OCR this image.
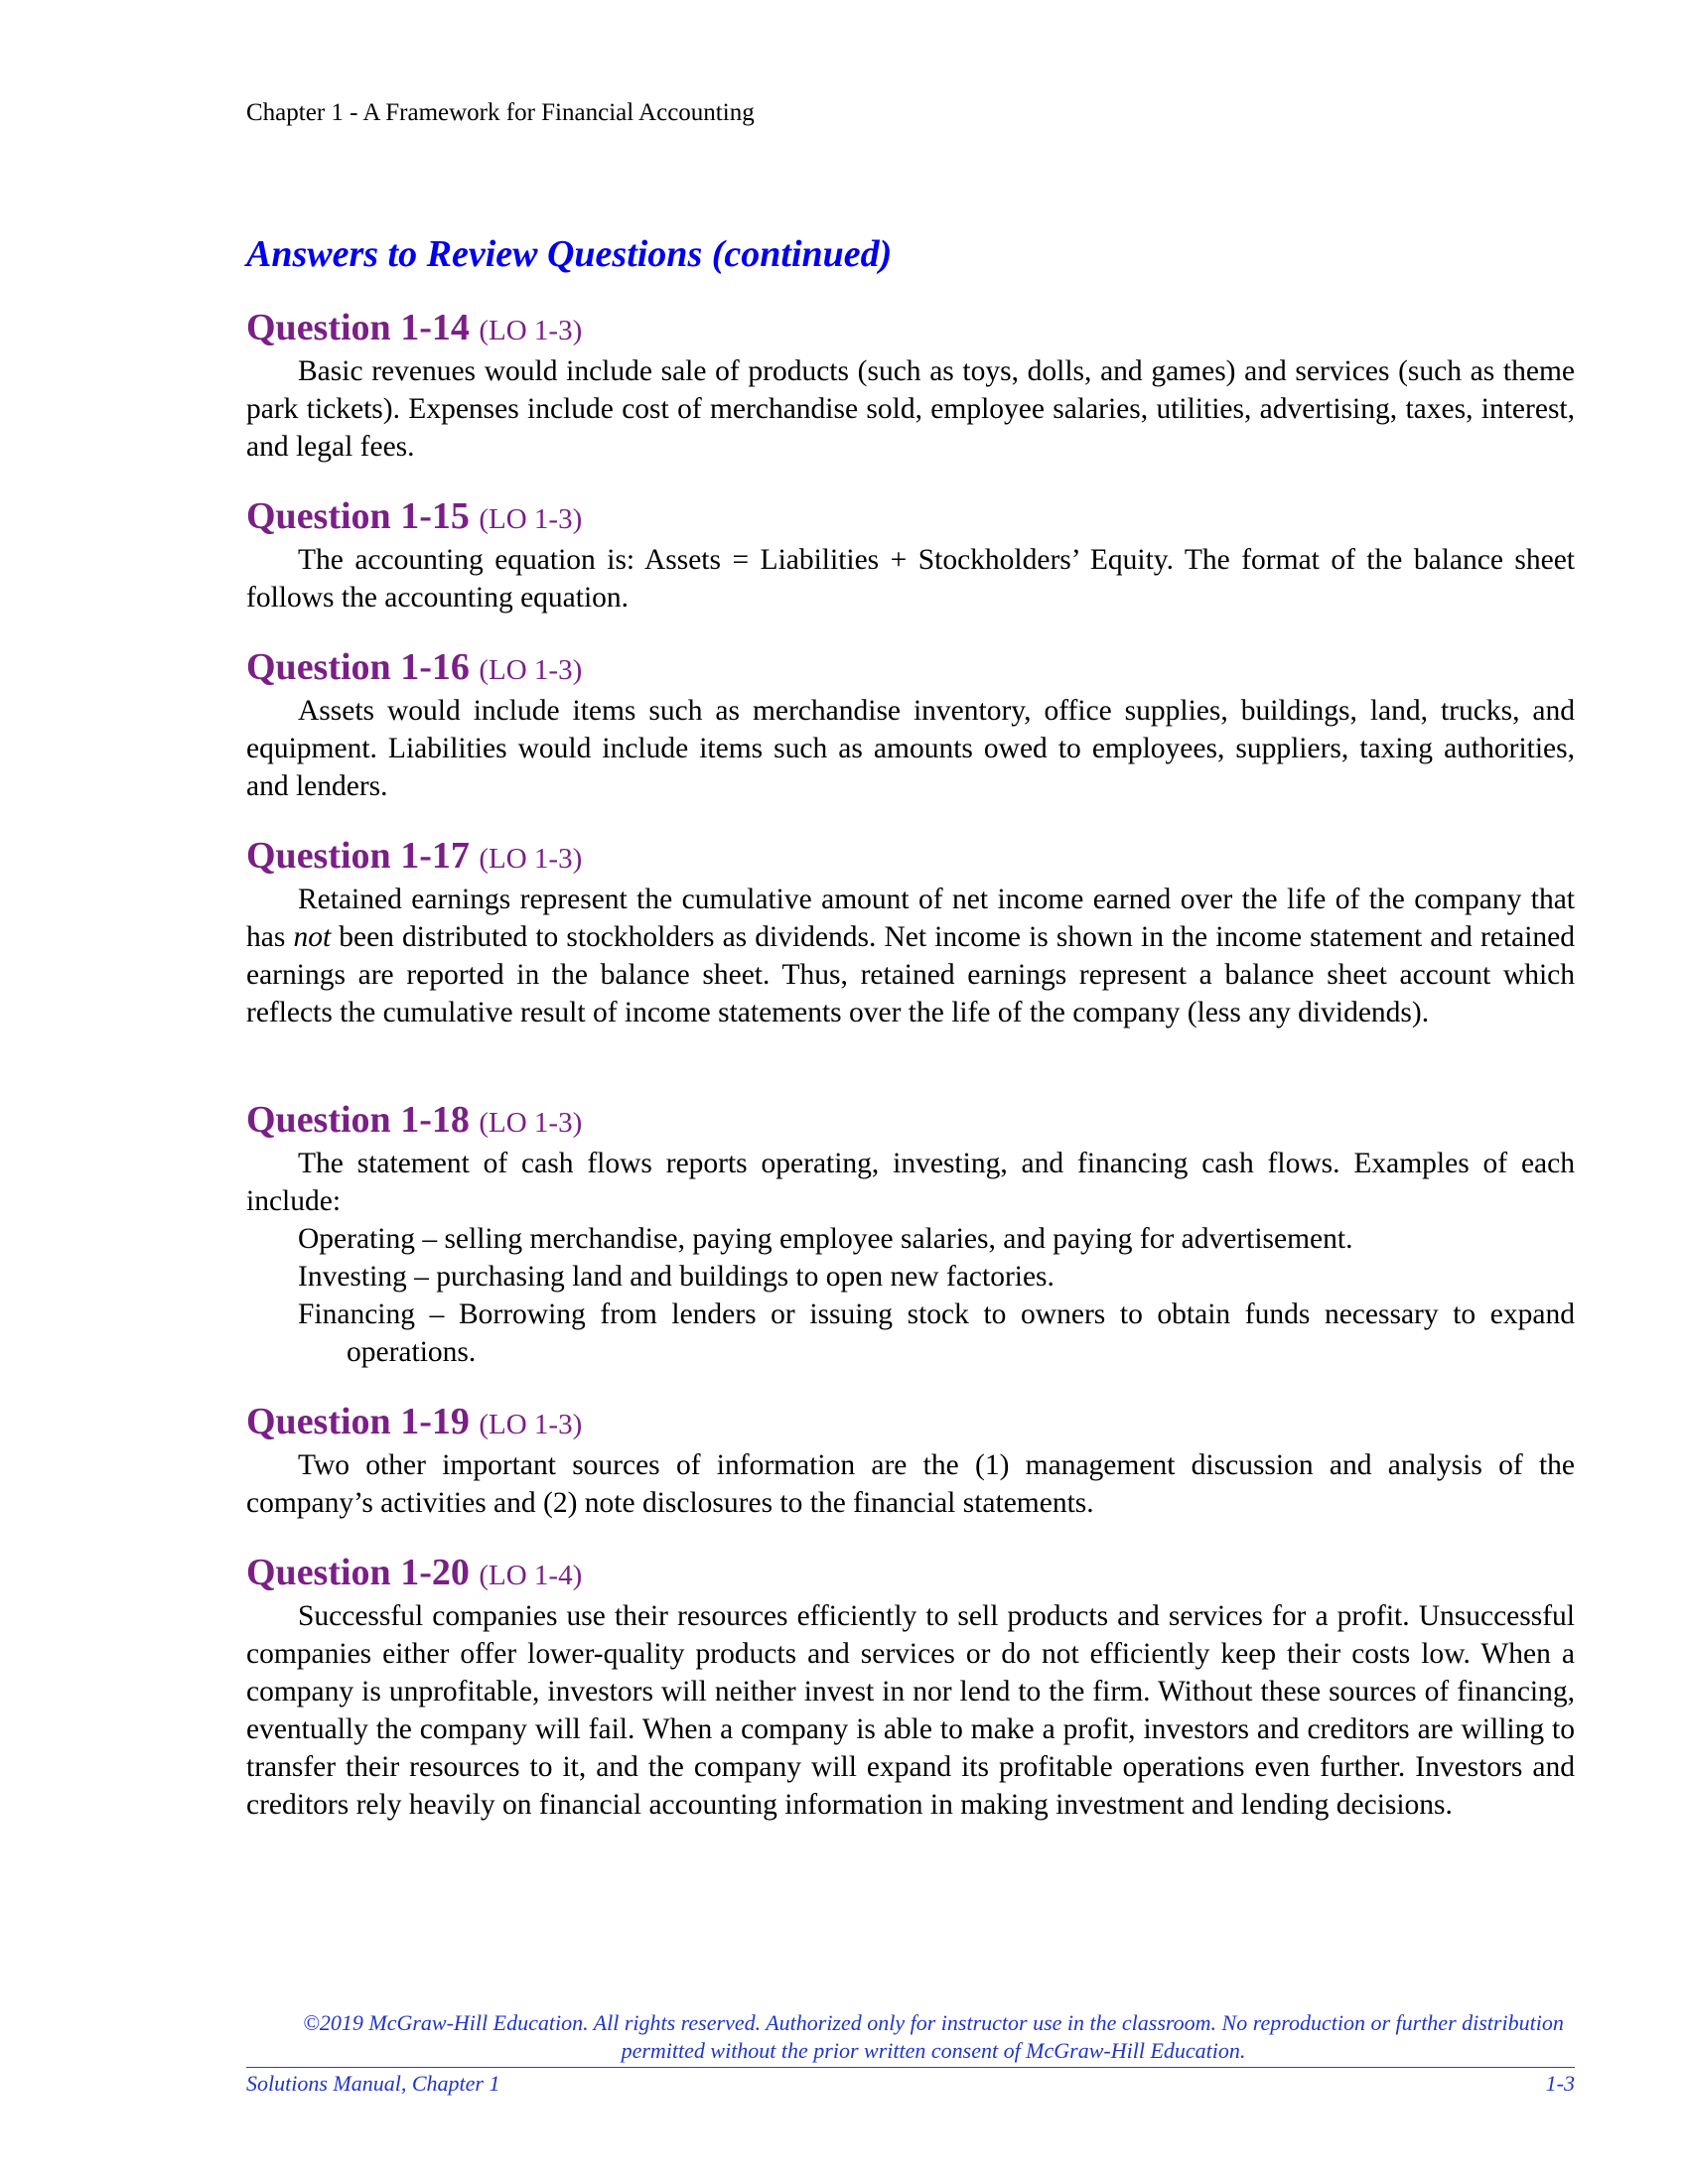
Chapter 1 - A Framework for Financial Accounting
Answers to Review Questions (continued)
Question 1-14 (LO 1-3)

Basic revenues would include sale of products (such as toys, dolls, and games) and services (such as theme park tickets). Expenses include cost of merchandise sold, employee salaries, utilities, advertising, taxes, interest, and legal fees.

Question 1-15 (LO 1-3)

The accounting equation is: Assets = Liabilities + Stockholders’ Equity. The format of the balance sheet follows the accounting equation.

Question 1-16 (LO 1-3)

Assets would include items such as merchandise inventory, office supplies, buildings, land, trucks, and equipment. Liabilities would include items such as amounts owed to employees, suppliers, taxing authorities, and lenders.

Question 1-17 (LO 1-3)

Retained earnings represent the cumulative amount of net income earned over the life of the company that has not been distributed to stockholders as dividends. Net income is shown in the income statement and retained earnings are reported in the balance sheet. Thus, retained earnings represent a balance sheet account which reflects the cumulative result of income statements over the life of the company (less any dividends).

Question 1-18 (LO 1-3)

The statement of cash flows reports operating, investing, and financing cash flows. Examples of each include:

Operating – selling merchandise, paying employee salaries, and paying for advertisement.

Investing – purchasing land and buildings to open new factories.

Financing – Borrowing from lenders or issuing stock to owners to obtain funds necessary to expand operations.

Question 1-19 (LO 1-3)

Two other important sources of information are the (1) management discussion and analysis of the company’s activities and (2) note disclosures to the financial statements.

Question 1-20 (LO 1-4)

Successful companies use their resources efficiently to sell products and services for a profit. Unsuccessful companies either offer lower-quality products and services or do not efficiently keep their costs low. When a company is unprofitable, investors will neither invest in nor lend to the firm. Without these sources of financing, eventually the company will fail. When a company is able to make a profit, investors and creditors are willing to transfer their resources to it, and the company will expand its profitable operations even further. Investors and creditors rely heavily on financial accounting information in making investment and lending decisions.

©2019 McGraw-Hill Education. All rights reserved. Authorized only for instructor use in the classroom. No reproduction or further distribution
permitted without the prior written consent of McGraw-Hill Education.
Solutions Manual, Chapter 1	1-3
